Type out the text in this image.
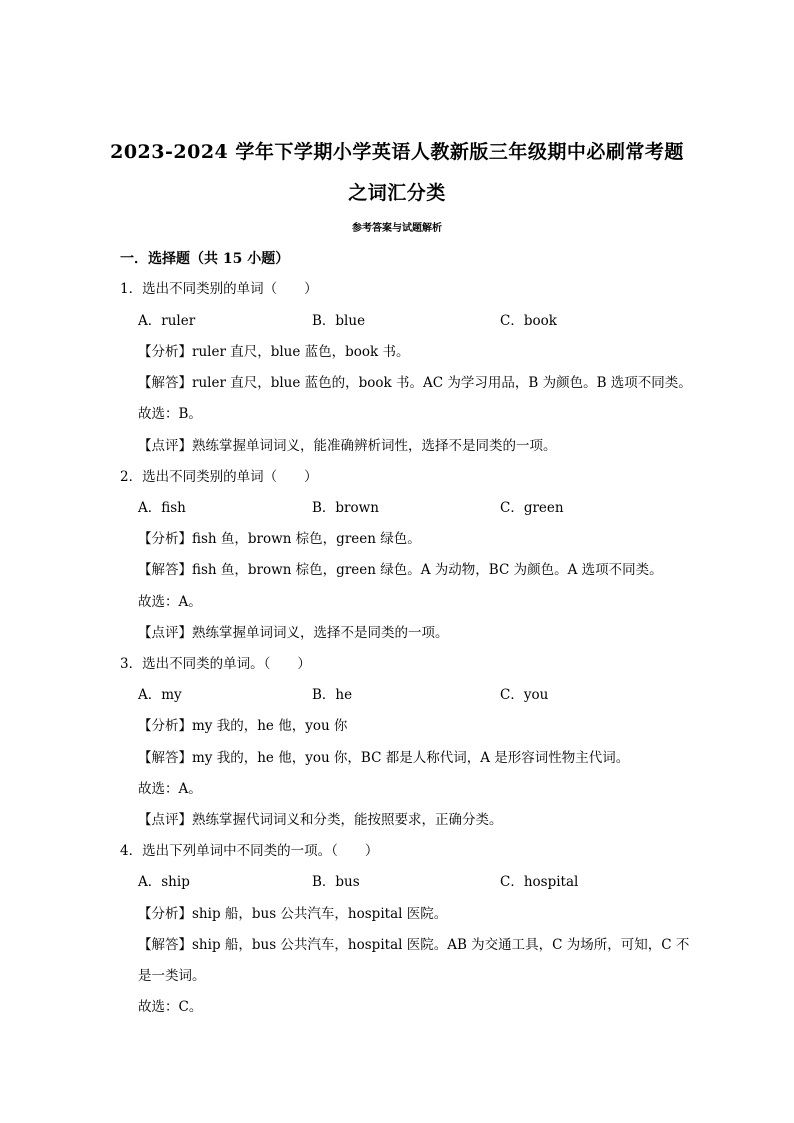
2023-2024 学年下学期小学英语人教新版三年级期中必刷常考题
之词汇分类
参考答案与试题解析
一．选择题（共 15 小题）
1．选出不同类别的单词（　　）
A．ruler	B．blue	C．book
【分析】ruler 直尺，blue 蓝色，book 书。
【解答】ruler 直尺，blue 蓝色的，book 书。AC 为学习用品，B 为颜色。B 选项不同类。
故选：B。
【点评】熟练掌握单词词义，能准确辨析词性，选择不是同类的一项。
2．选出不同类别的单词（　　）
A．fish	B．brown	C．green
【分析】fish 鱼，brown 棕色，green 绿色。
【解答】fish 鱼，brown 棕色，green 绿色。A 为动物，BC 为颜色。A 选项不同类。
故选：A。
【点评】熟练掌握单词词义，选择不是同类的一项。
3．选出不同类的单词。（　　）
A．my	B．he	C．you
【分析】my 我的，he 他，you 你
【解答】my 我的，he 他，you 你，BC 都是人称代词，A 是形容词性物主代词。
故选：A。
【点评】熟练掌握代词词义和分类，能按照要求，正确分类。
4．选出下列单词中不同类的一项。（　　）
A．ship	B．bus	C．hospital
【分析】ship 船，bus 公共汽车，hospital 医院。
【解答】ship 船，bus 公共汽车，hospital 医院。AB 为交通工具，C 为场所，可知，C 不
是一类词。
故选：C。
